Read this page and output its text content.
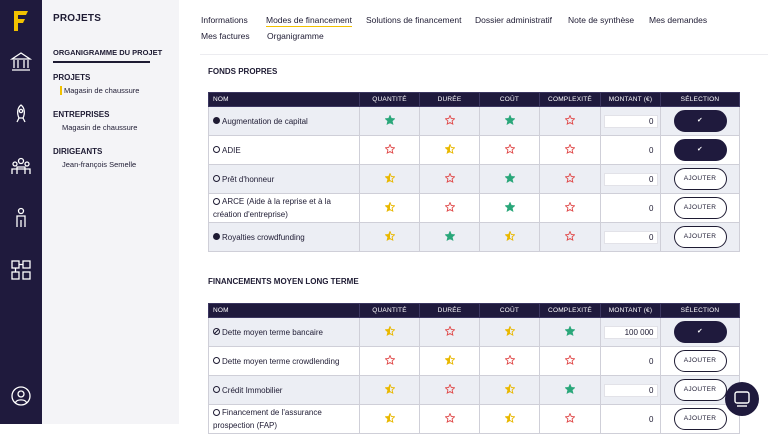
PROJETS
ORGANIGRAMME DU PROJET
PROJETS
Magasin de chaussure
ENTREPRISES
Magasin de chaussure
DIRIGEANTS
Jean-françois Semelle
Informations Modes de financement Solutions de financement Dossier administratif Note de synthèse Mes demandes
Mes factures Organigramme
FONDS PROPRES
NOM	QUANTITÉ	DURÉE	COÛT	COMPLEXITÉ	MONTANT (€)	SÉLECTION
Augmentation de capital					0	✔
ADIE					0	✔
Prêt d'honneur					0	AJOUTER
ARCE (Aide à la reprise et à la création d'entreprise)					0	AJOUTER
Royalties crowdfunding					0	AJOUTER
FINANCEMENTS MOYEN LONG TERME
NOM	QUANTITÉ	DURÉE	COÛT	COMPLEXITÉ	MONTANT (€)	SÉLECTION
Dette moyen terme bancaire					100 000	✔
Dette moyen terme crowdlending					0	AJOUTER
Crédit Immobilier					0	AJOUTER
Financement de l'assurance prospection (FAP)					0	AJOUTER
